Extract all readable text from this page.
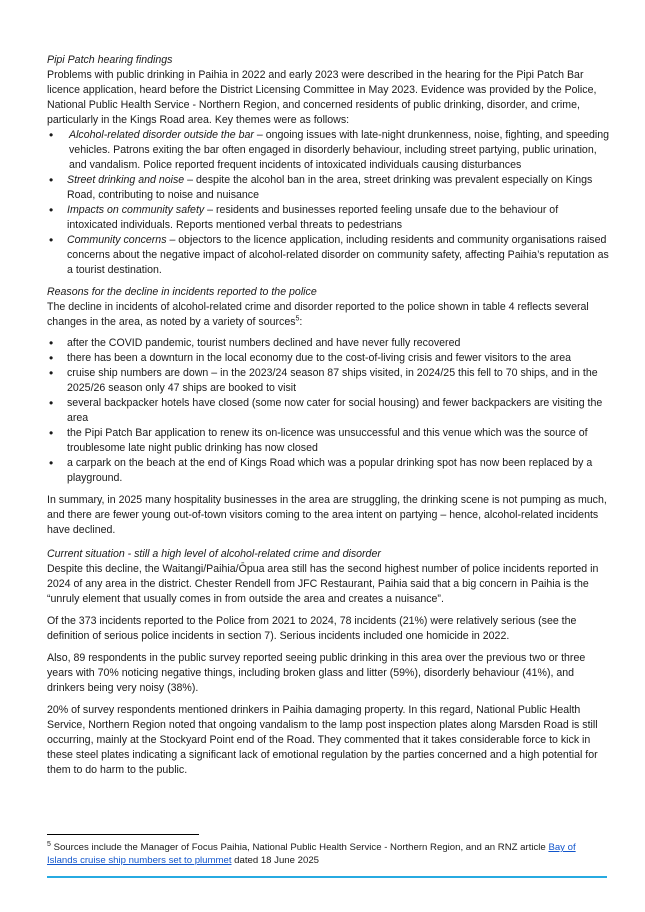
Pipi Patch hearing findings

Problems with public drinking in Paihia in 2022 and early 2023 were described in the hearing for the Pipi Patch Bar licence application, heard before the District Licensing Committee in May 2023. Evidence was provided by the Police, National Public Health Service - Northern Region, and concerned residents of public drinking, disorder, and crime, particularly in the Kings Road area. Key themes were as follows:

• Alcohol-related disorder outside the bar – ongoing issues with late-night drunkenness, noise, fighting, and speeding vehicles. Patrons exiting the bar often engaged in disorderly behaviour, including street partying, public urination, and vandalism. Police reported frequent incidents of intoxicated individuals causing disturbances
• Street drinking and noise – despite the alcohol ban in the area, street drinking was prevalent especially on Kings Road, contributing to noise and nuisance
• Impacts on community safety – residents and businesses reported feeling unsafe due to the behaviour of intoxicated individuals. Reports mentioned verbal threats to pedestrians
• Community concerns – objectors to the licence application, including residents and community organisations raised concerns about the negative impact of alcohol-related disorder on community safety, affecting Paihia’s reputation as a tourist destination.

Reasons for the decline in incidents reported to the police

The decline in incidents of alcohol-related crime and disorder reported to the police shown in table 4 reflects several changes in the area, as noted by a variety of sources$^5$:

• after the COVID pandemic, tourist numbers declined and have never fully recovered
• there has been a downturn in the local economy due to the cost-of-living crisis and fewer visitors to the area
• cruise ship numbers are down – in the 2023/24 season 87 ships visited, in 2024/25 this fell to 70 ships, and in the 2025/26 season only 47 ships are booked to visit
• several backpacker hotels have closed (some now cater for social housing) and fewer backpackers are visiting the area
• the Pipi Patch Bar application to renew its on-licence was unsuccessful and this venue which was the source of troublesome late night public drinking has now closed
• a carpark on the beach at the end of Kings Road which was a popular drinking spot has now been replaced by a playground.

In summary, in 2025 many hospitality businesses in the area are struggling, the drinking scene is not pumping as much, and there are fewer young out-of-town visitors coming to the area intent on partying – hence, alcohol-related incidents have declined.

Current situation - still a high level of alcohol-related crime and disorder

Despite this decline, the Waitangi/Paihia/Ōpua area still has the second highest number of police incidents reported in 2024 of any area in the district. Chester Rendell from JFC Restaurant, Paihia said that a big concern in Paihia is the “unruly element that usually comes in from outside the area and creates a nuisance”.

Of the 373 incidents reported to the Police from 2021 to 2024, 78 incidents (21%) were relatively serious (see the definition of serious police incidents in section 7). Serious incidents included one homicide in 2022.

Also, 89 respondents in the public survey reported seeing public drinking in this area over the previous two or three years with 70% noticing negative things, including broken glass and litter (59%), disorderly behaviour (41%), and drinkers being very noisy (38%).

20% of survey respondents mentioned drinkers in Paihia damaging property. In this regard, National Public Health Service, Northern Region noted that ongoing vandalism to the lamp post inspection plates along Marsden Road is still occurring, mainly at the Stockyard Point end of the Road. They commented that it takes considerable force to kick in these steel plates indicating a significant lack of emotional regulation by the parties concerned and a high potential for them to do harm to the public.

$^5$ Sources include the Manager of Focus Paihia, National Public Health Service - Northern Region, and an RNZ article Bay of Islands cruise ship numbers set to plummet dated 18 June 2025
